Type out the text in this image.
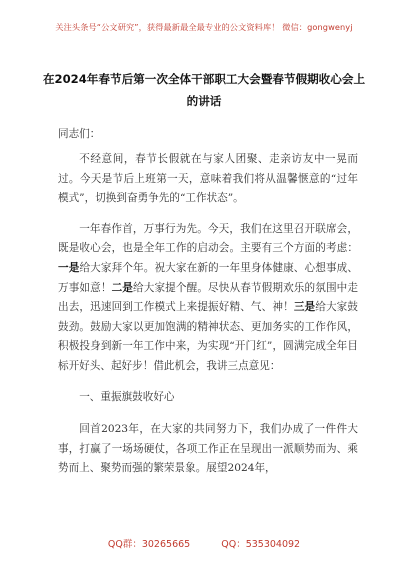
关注头条号“公文研究”，获得最新最全最专业的公文资料库！ 微信：gongwenyj
在2024年春节后第一次全体干部职工大会暨春节假期收心会上的讲话
同志们：

不经意间，春节长假就在与家人团聚、走亲访友中一晃而过。今天是节后上班第一天，意味着我们将从温馨惬意的“过年模式”，切换到奋勇争先的“工作状态”。

一年春作首，万事行为先。今天，我们在这里召开联席会，既是收心会，也是全年工作的启动会。主要有三个方面的考虑：一是给大家拜个年。祝大家在新的一年里身体健康、心想事成、万事如意！二是给大家提个醒。尽快从春节假期欢乐的氛围中走出去，迅速回到工作模式上来提振好精、气、神！三是给大家鼓鼓劲。鼓励大家以更加饱满的精神状态、更加务实的工作作风，积极投身到新一年工作中来，为实现“开门红”，圆满完成全年目标开好头、起好步！借此机会，我讲三点意见：

一、重振旗鼓收好心

回首2023年，在大家的共同努力下，我们办成了一件件大事，打赢了一场场硬仗，各项工作正在呈现出一派顺势而为、乘势而上、聚势而强的繁荣景象。展望2024年，

QQ群：30265665	QQ：535304092
